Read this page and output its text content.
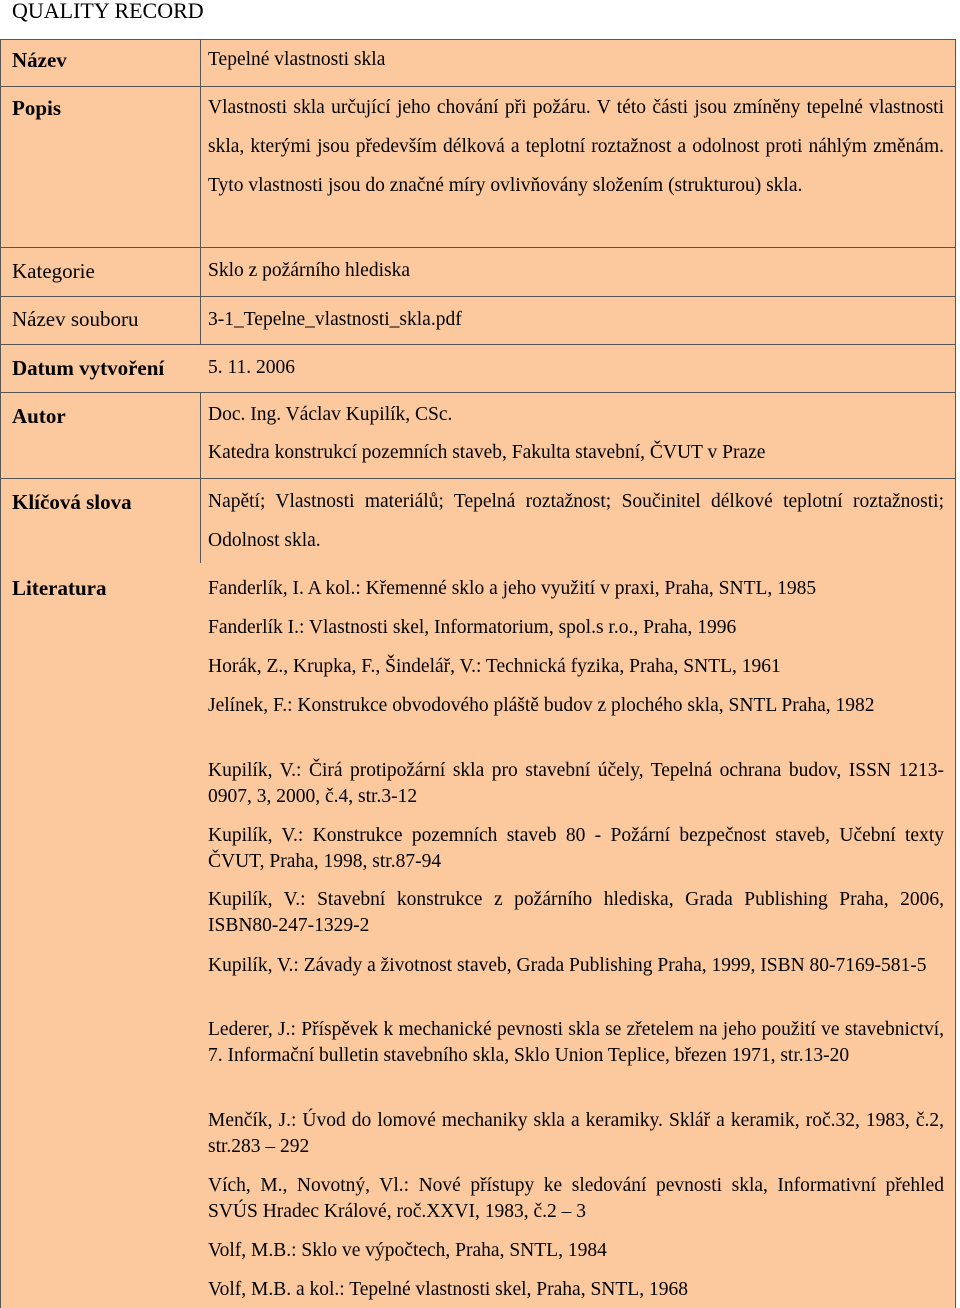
QUALITY RECORD
Název
Popis
Kategorie
Název souboru
Datum vytvoření
Autor
Klíčová slova
Literatura
Tepelné vlastnosti skla
Vlastnosti skla určující jeho chování při požáru. V této části jsou zmíněny tepelné vlastnosti skla, kterými jsou především délková a teplotní roztažnost a odolnost proti náhlým změnám. Tyto vlastnosti jsou do značné míry ovlivňovány složením (strukturou) skla.
Sklo z požárního hlediska
3-1_Tepelne_vlastnosti_skla.pdf
5. 11. 2006
Doc. Ing. Václav Kupilík, CSc.
Katedra konstrukcí pozemních staveb, Fakulta stavební, ČVUT v Praze
Napětí; Vlastnosti materiálů; Tepelná roztažnost; Součinitel délkové teplotní roztažnosti; Odolnost skla.
Fanderlík, I. A kol.: Křemenné sklo a jeho využití v praxi, Praha, SNTL, 1985
Fanderlík I.: Vlastnosti skel, Informatorium, spol.s r.o., Praha, 1996
Horák, Z., Krupka, F., Šindelář, V.: Technická fyzika, Praha, SNTL, 1961
Jelínek, F.: Konstrukce obvodového pláště budov z plochého skla, SNTL Praha, 1982
Kupilík, V.: Čirá protipožární skla pro stavební účely, Tepelná ochrana budov, ISSN 1213-0907, 3, 2000, č.4, str.3-12
Kupilík, V.: Konstrukce pozemních staveb 80 - Požární bezpečnost staveb, Učební texty ČVUT, Praha, 1998, str.87-94
Kupilík, V.: Stavební konstrukce z požárního hlediska, Grada Publishing Praha, 2006, ISBN80-247-1329-2
Kupilík, V.: Závady a životnost staveb, Grada Publishing Praha, 1999, ISBN 80-7169-581-5
Lederer, J.: Příspěvek k mechanické pevnosti skla se zřetelem na jeho použití ve stavebnictví, 7. Informační bulletin stavebního skla, Sklo Union Teplice, březen 1971, str.13-20
Menčík, J.: Úvod do lomové mechaniky skla a keramiky. Sklář a keramik, roč.32, 1983, č.2, str.283 – 292
Vích, M., Novotný, Vl.: Nové přístupy ke sledování pevnosti skla, Informativní přehled SVÚS Hradec Králové, roč.XXVI, 1983, č.2 – 3
Volf, M.B.: Sklo ve výpočtech, Praha, SNTL, 1984
Volf, M.B. a kol.: Tepelné vlastnosti skel, Praha, SNTL, 1968
